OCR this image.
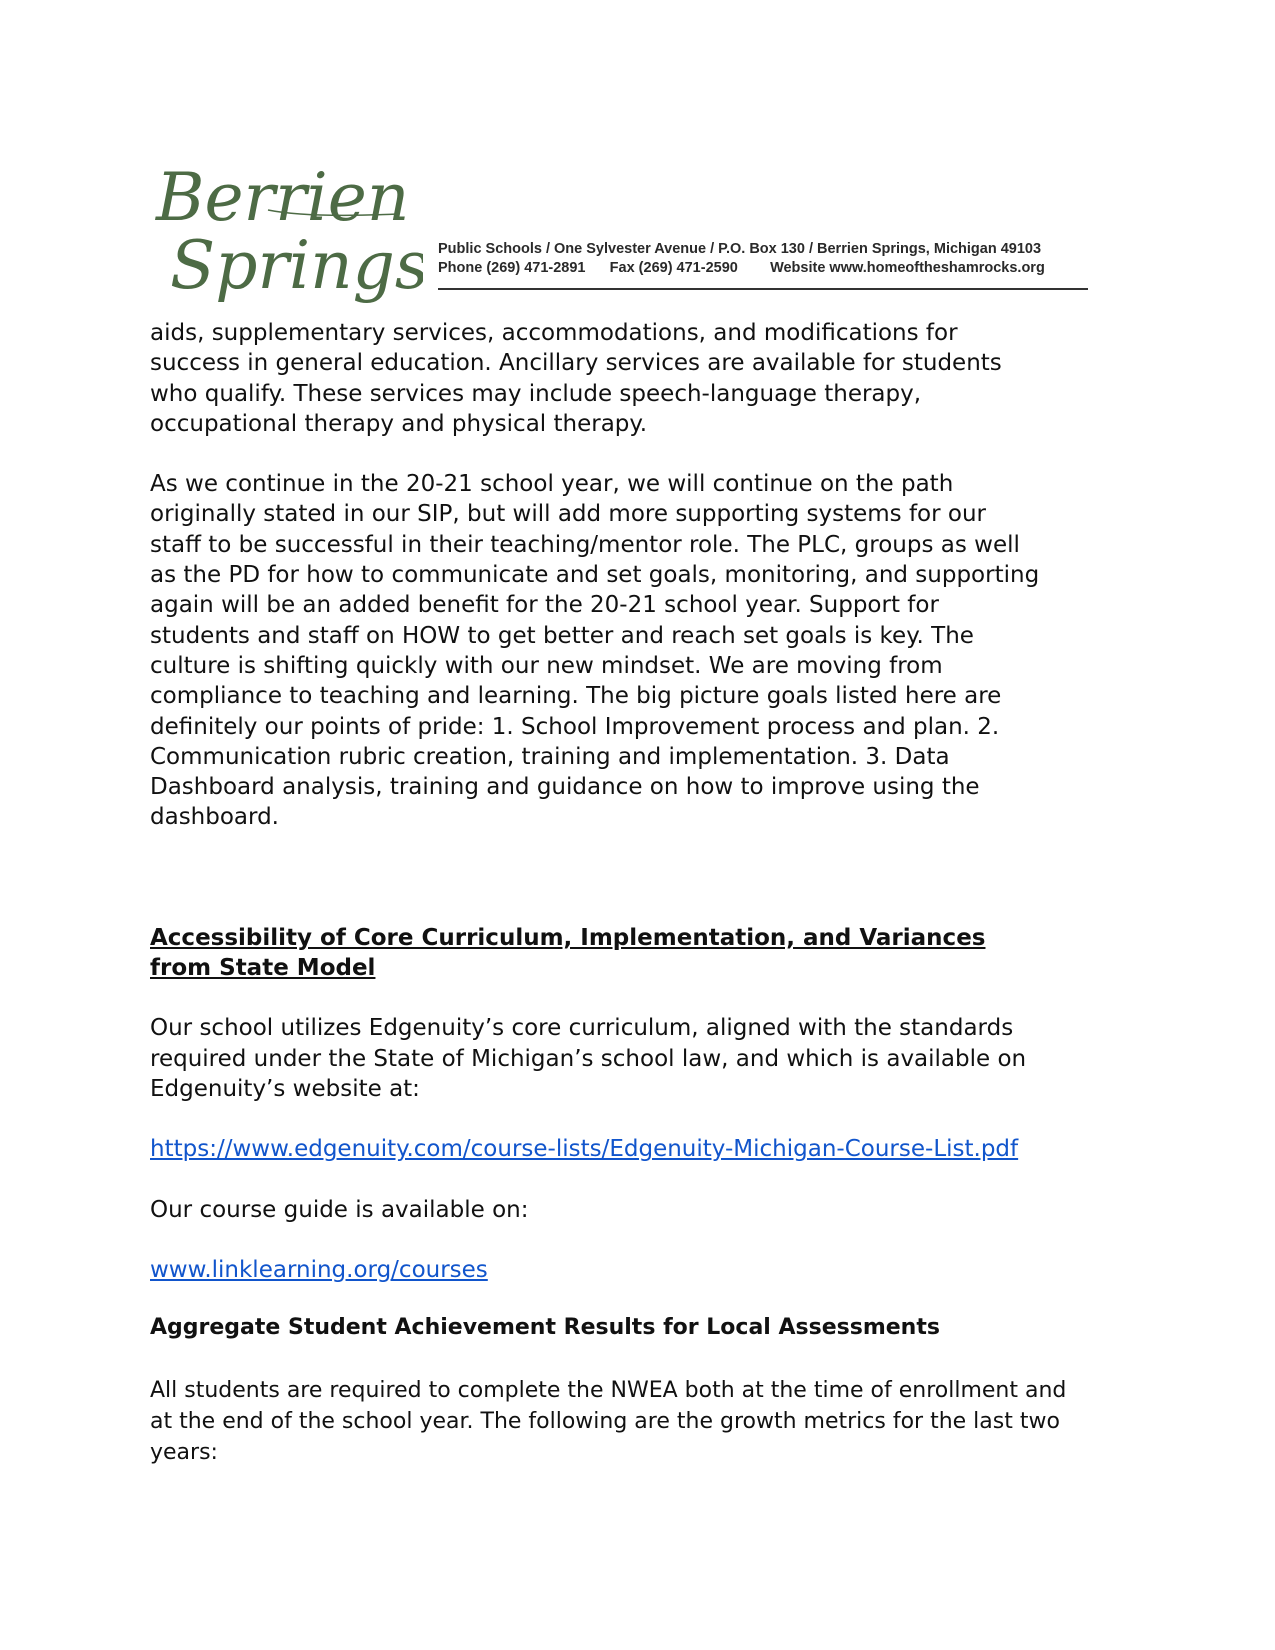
Berrien
Springs Public Schools / One Sylvester Avenue / P.O. Box 130 / Berrien Springs, Michigan 49103
Phone (269) 471-2891      Fax (269) 471-2590        Website www.homeoftheshamrocks.org

aids, supplementary services, accommodations, and modifications for
success in general education. Ancillary services are available for students
who qualify. These services may include speech-language therapy,
occupational therapy and physical therapy.

As we continue in the 20-21 school year, we will continue on the path
originally stated in our SIP, but will add more supporting systems for our
staff to be successful in their teaching/mentor role. The PLC, groups as well
as the PD for how to communicate and set goals, monitoring, and supporting
again will be an added benefit for the 20-21 school year. Support for
students and staff on HOW to get better and reach set goals is key. The
culture is shifting quickly with our new mindset. We are moving from
compliance to teaching and learning. The big picture goals listed here are
definitely our points of pride: 1. School Improvement process and plan. 2.
Communication rubric creation, training and implementation. 3. Data
Dashboard analysis, training and guidance on how to improve using the
dashboard.

Accessibility of Core Curriculum, Implementation, and Variances
from State Model

Our school utilizes Edgenuity’s core curriculum, aligned with the standards
required under the State of Michigan’s school law, and which is available on
Edgenuity’s website at:

https://www.edgenuity.com/course-lists/Edgenuity-Michigan-Course-List.pdf

Our course guide is available on:

www.linklearning.org/courses
Aggregate Student Achievement Results for Local Assessments

All students are required to complete the NWEA both at the time of enrollment and
at the end of the school year. The following are the growth metrics for the last two
years:
